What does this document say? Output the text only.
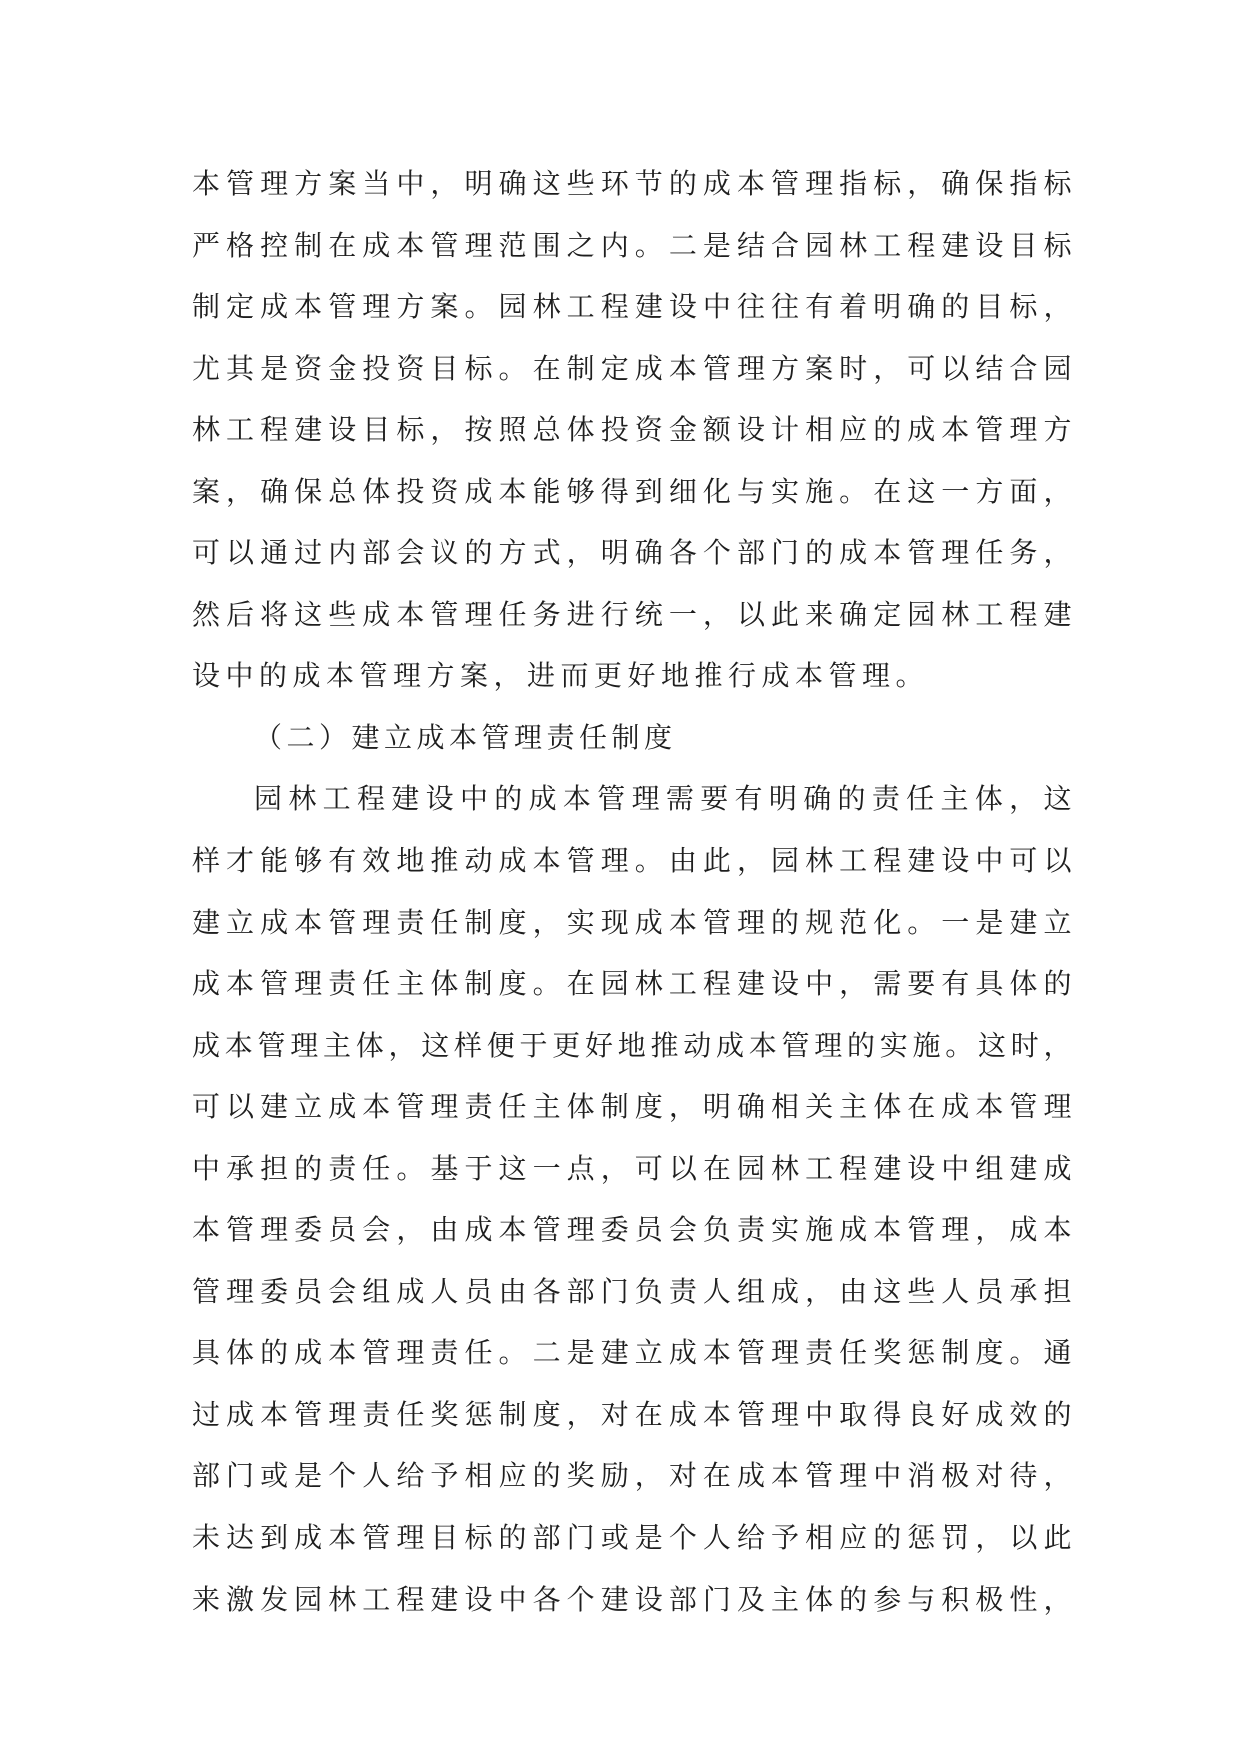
本管理方案当中，明确这些环节的成本管理指标，确保指标
严格控制在成本管理范围之内。二是结合园林工程建设目标
制定成本管理方案。园林工程建设中往往有着明确的目标，
尤其是资金投资目标。在制定成本管理方案时，可以结合园
林工程建设目标，按照总体投资金额设计相应的成本管理方
案，确保总体投资成本能够得到细化与实施。在这一方面，
可以通过内部会议的方式，明确各个部门的成本管理任务，
然后将这些成本管理任务进行统一，以此来确定园林工程建
设中的成本管理方案，进而更好地推行成本管理。
（二）建立成本管理责任制度
园林工程建设中的成本管理需要有明确的责任主体，这
样才能够有效地推动成本管理。由此，园林工程建设中可以
建立成本管理责任制度，实现成本管理的规范化。一是建立
成本管理责任主体制度。在园林工程建设中，需要有具体的
成本管理主体，这样便于更好地推动成本管理的实施。这时，
可以建立成本管理责任主体制度，明确相关主体在成本管理
中承担的责任。基于这一点，可以在园林工程建设中组建成
本管理委员会，由成本管理委员会负责实施成本管理，成本
管理委员会组成人员由各部门负责人组成，由这些人员承担
具体的成本管理责任。二是建立成本管理责任奖惩制度。通
过成本管理责任奖惩制度，对在成本管理中取得良好成效的
部门或是个人给予相应的奖励，对在成本管理中消极对待，
未达到成本管理目标的部门或是个人给予相应的惩罚，以此
来激发园林工程建设中各个建设部门及主体的参与积极性，
